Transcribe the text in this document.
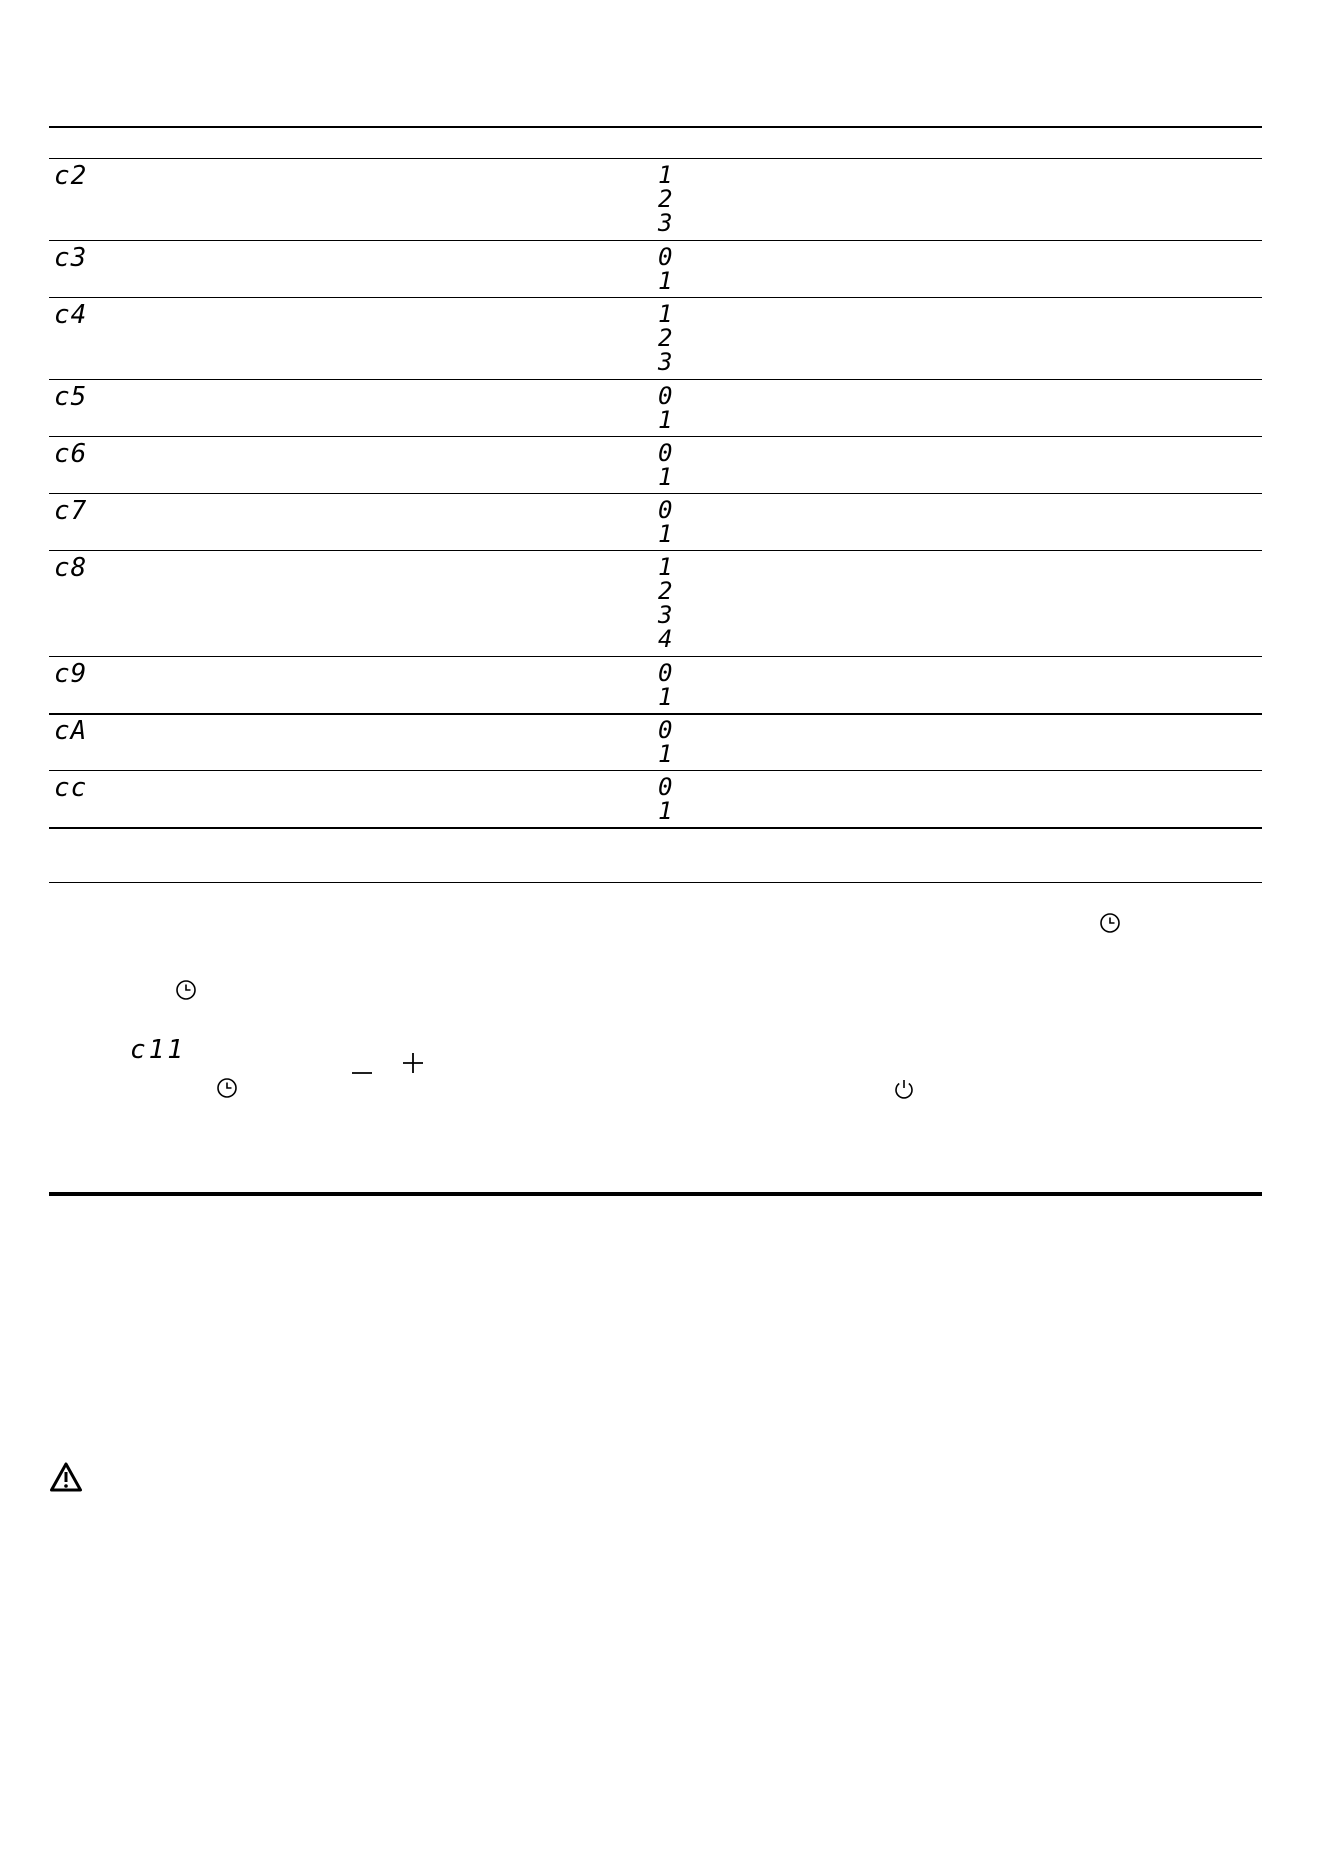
c2
c3
c4
c5
c6
c7
c8
c9
cA
cc
1
2
3
0
1
1
2
3
0
1
0
1
0
1
1
2
3
4
0
1
0
1
0
1
c11
